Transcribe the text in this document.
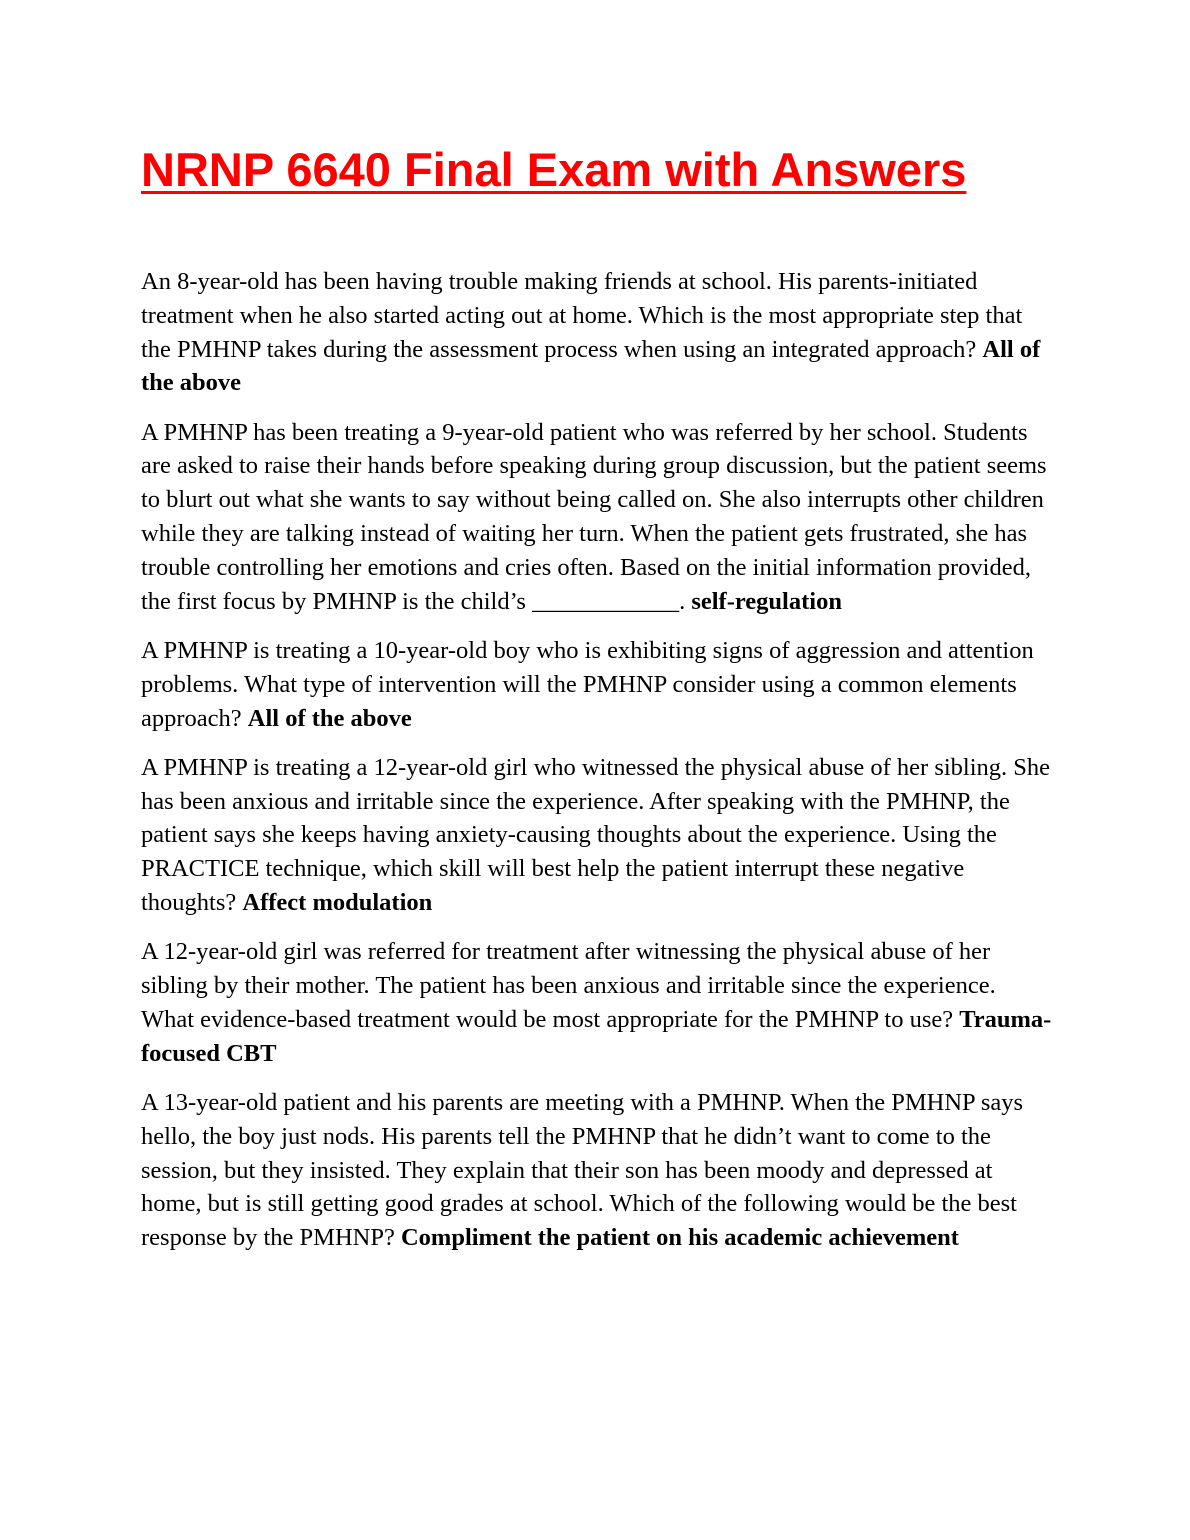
NRNP 6640 Final Exam with Answers

An 8-year-old has been having trouble making friends at school. His parents-initiated treatment when he also started acting out at home. Which is the most appropriate step that the PMHNP takes during the assessment process when using an integrated approach? All of the above

A PMHNP has been treating a 9-year-old patient who was referred by her school. Students are asked to raise their hands before speaking during group discussion, but the patient seems to blurt out what she wants to say without being called on. She also interrupts other children while they are talking instead of waiting her turn. When the patient gets frustrated, she has trouble controlling her emotions and cries often. Based on the initial information provided, the first focus by PMHNP is the child’s ____________. self-regulation

A PMHNP is treating a 10-year-old boy who is exhibiting signs of aggression and attention problems. What type of intervention will the PMHNP consider using a common elements approach? All of the above

A PMHNP is treating a 12-year-old girl who witnessed the physical abuse of her sibling. She has been anxious and irritable since the experience. After speaking with the PMHNP, the patient says she keeps having anxiety-causing thoughts about the experience. Using the PRACTICE technique, which skill will best help the patient interrupt these negative thoughts? Affect modulation

A 12-year-old girl was referred for treatment after witnessing the physical abuse of her sibling by their mother. The patient has been anxious and irritable since the experience. What evidence-based treatment would be most appropriate for the PMHNP to use? Trauma-focused CBT

A 13-year-old patient and his parents are meeting with a PMHNP. When the PMHNP says hello, the boy just nods. His parents tell the PMHNP that he didn’t want to come to the session, but they insisted. They explain that their son has been moody and depressed at home, but is still getting good grades at school. Which of the following would be the best response by the PMHNP? Compliment the patient on his academic achievement
